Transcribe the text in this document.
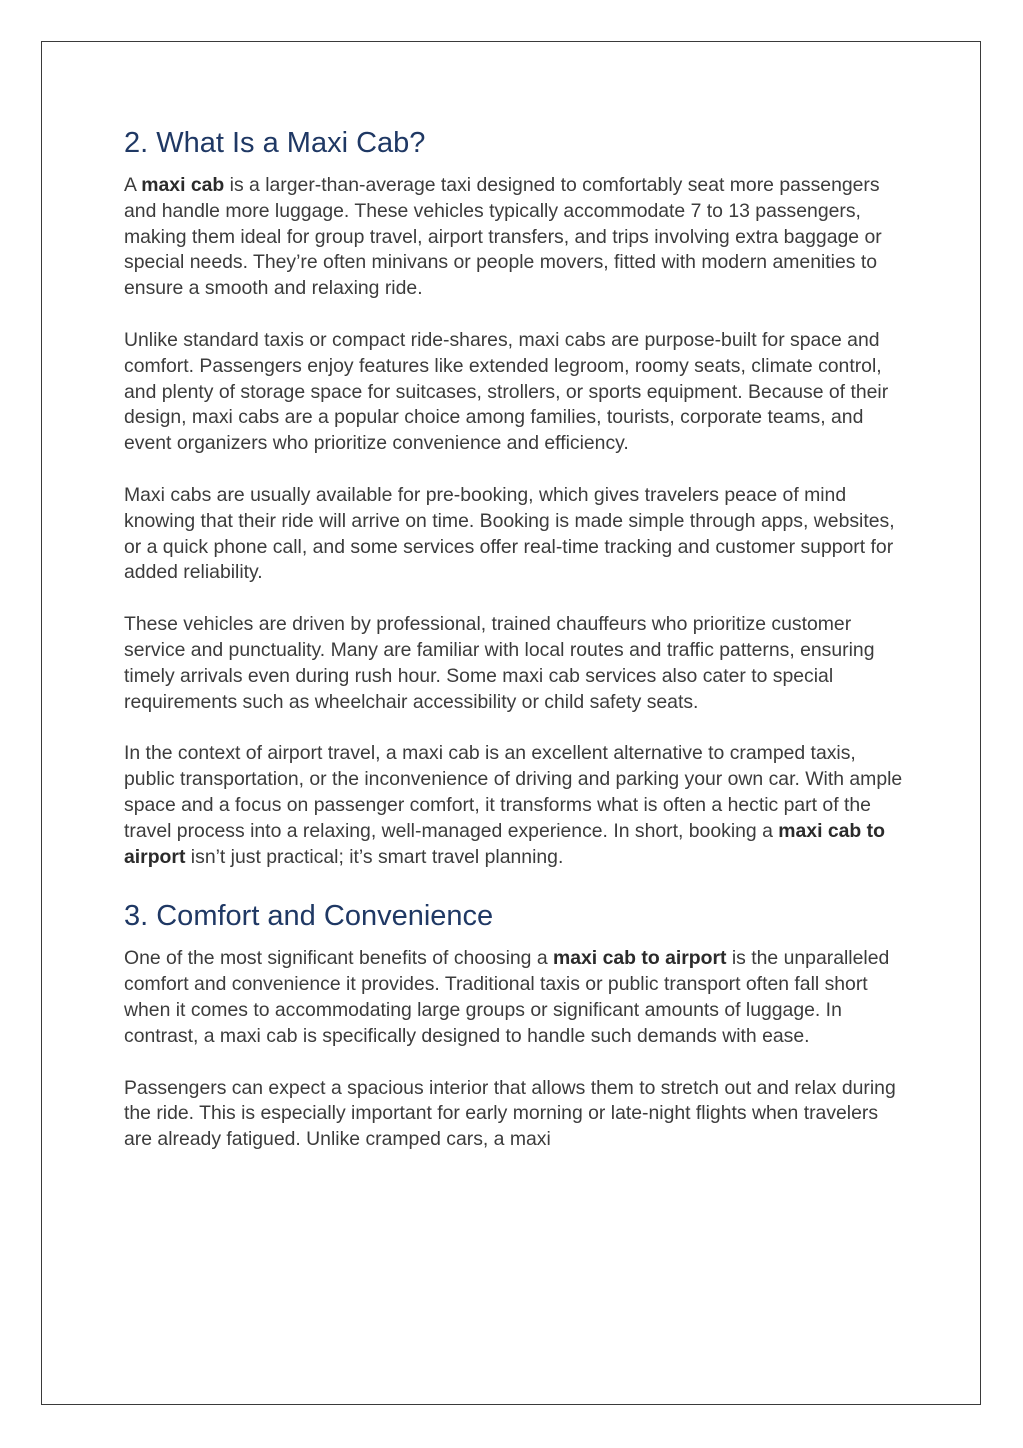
2. What Is a Maxi Cab?

A maxi cab is a larger-than-average taxi designed to comfortably seat more passengers and handle more luggage. These vehicles typically accommodate 7 to 13 passengers, making them ideal for group travel, airport transfers, and trips involving extra baggage or special needs. They’re often minivans or people movers, fitted with modern amenities to ensure a smooth and relaxing ride.

Unlike standard taxis or compact ride-shares, maxi cabs are purpose-built for space and comfort. Passengers enjoy features like extended legroom, roomy seats, climate control, and plenty of storage space for suitcases, strollers, or sports equipment. Because of their design, maxi cabs are a popular choice among families, tourists, corporate teams, and event organizers who prioritize convenience and efficiency.

Maxi cabs are usually available for pre-booking, which gives travelers peace of mind knowing that their ride will arrive on time. Booking is made simple through apps, websites, or a quick phone call, and some services offer real-time tracking and customer support for added reliability.

These vehicles are driven by professional, trained chauffeurs who prioritize customer service and punctuality. Many are familiar with local routes and traffic patterns, ensuring timely arrivals even during rush hour. Some maxi cab services also cater to special requirements such as wheelchair accessibility or child safety seats.

In the context of airport travel, a maxi cab is an excellent alternative to cramped taxis, public transportation, or the inconvenience of driving and parking your own car. With ample space and a focus on passenger comfort, it transforms what is often a hectic part of the travel process into a relaxing, well-managed experience. In short, booking a maxi cab to airport isn’t just practical; it’s smart travel planning.

3. Comfort and Convenience

One of the most significant benefits of choosing a maxi cab to airport is the unparalleled comfort and convenience it provides. Traditional taxis or public transport often fall short when it comes to accommodating large groups or significant amounts of luggage. In contrast, a maxi cab is specifically designed to handle such demands with ease.

Passengers can expect a spacious interior that allows them to stretch out and relax during the ride. This is especially important for early morning or late-night flights when travelers are already fatigued. Unlike cramped cars, a maxi
